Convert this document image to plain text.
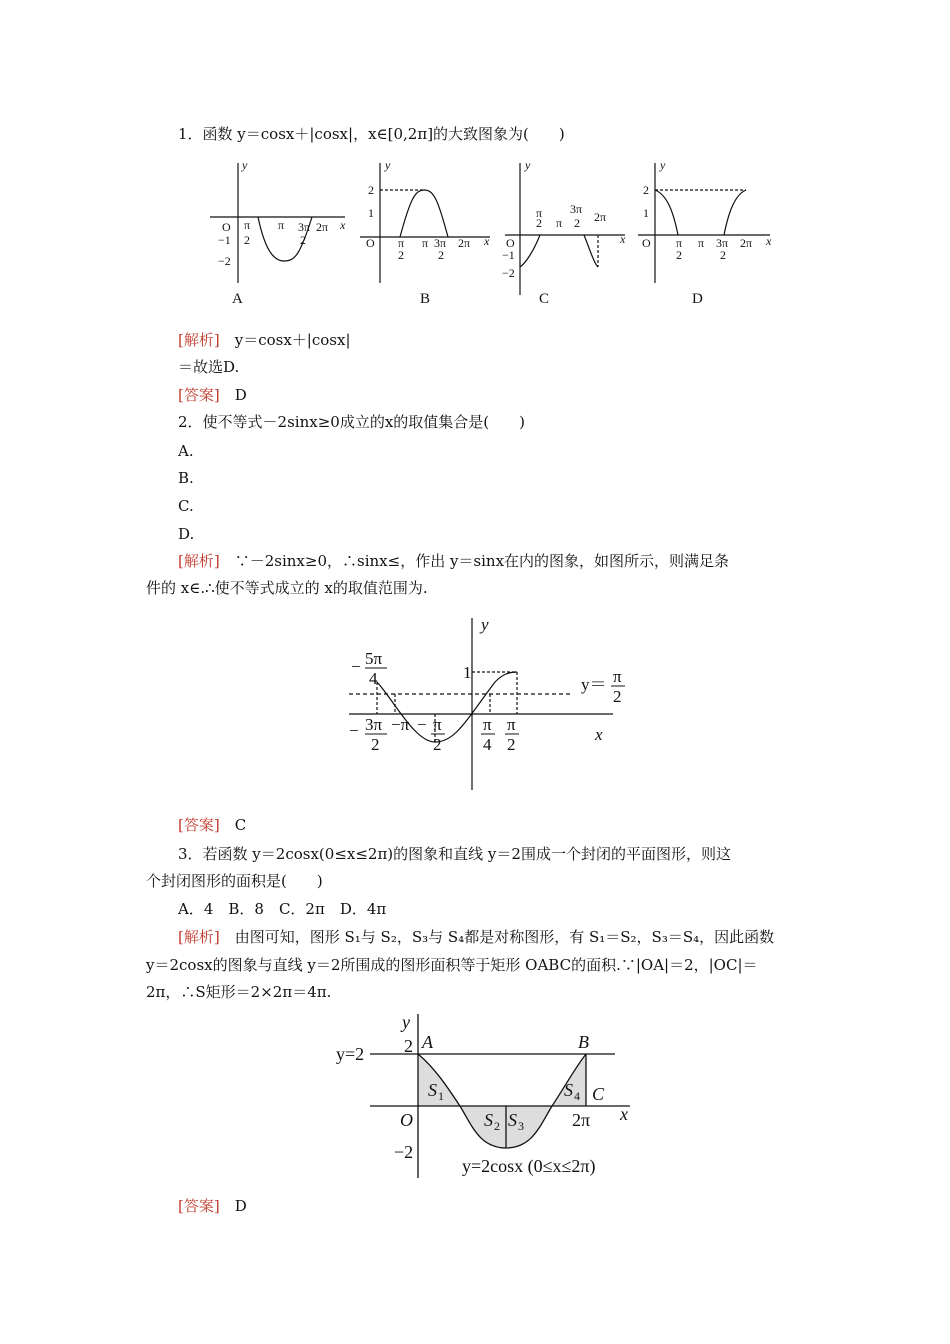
1．函数 y＝cosx＋|cosx|，x∈[0,2π]的大致图象为(　　)
y
x
O
−1
−2
π
2
π 3π
2
2π
y
x
2
1
O π
2
π 3π
2
2π
y
x
O
−1
−2
π
2 π
3π
2 2π
y
x
2
1
O π
2
π 3π
2
2π
A	B	C	D
[解析]　 y＝cosx＋|cosx|
＝故选D.
[答案]　 D
2．使不等式－2sinx≥0成立的x的取值集合是(　　)
A.
B.
C.
D.
[解析]　 ∵－2sinx≥0，∴sinx≤，作出 y＝sinx在内的图象，如图所示，则满足条
件的 x∈.∴使不等式成立的 x的取值范围为.
y
x
1
− 5π
4
− 3π
2
−π − π
2
π
4
π
2
y＝ π
2
[答案]　 C
3．若函数 y＝2cosx(0≤x≤2π)的图象和直线 y＝2围成一个封闭的平面图形，则这
个封闭图形的面积是(　　)
A．4　B．8　C．2π　D．4π
[解析]　 由图可知，图形 S₁与 S₂，S₃与 S₄都是对称图形，有 S₁＝S₂，S₃＝S₄，因此函数
y＝2cosx的图象与直线 y＝2所围成的图形面积等于矩形 OABC的面积.∵|OA|＝2，|OC|＝
2π，∴S矩形＝2×2π＝4π.
y
x
2 A	B
C
O
−2
2π
S 1
S 2 S 3
S 4
y=2
y=2cosx (0≤x≤2π)
[答案]　 D
